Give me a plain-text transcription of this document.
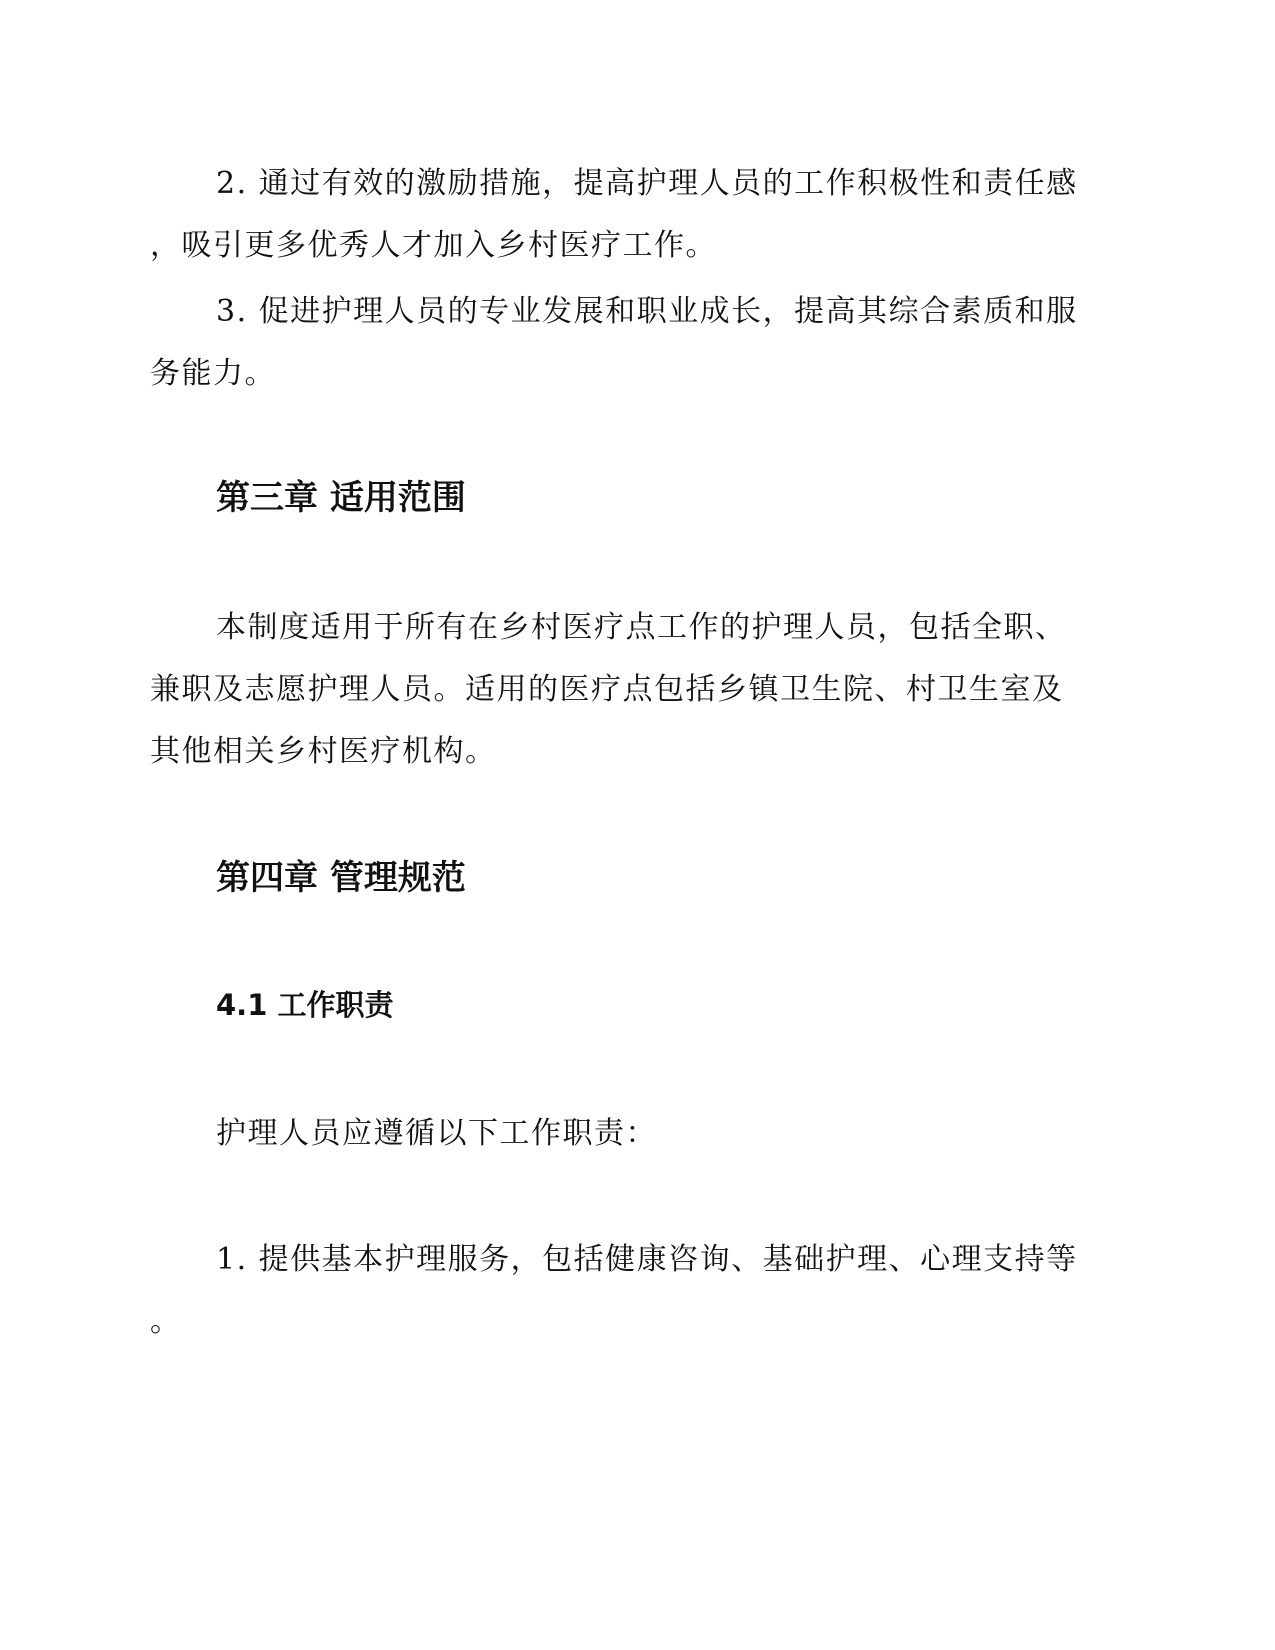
2. 通过有效的激励措施，提高护理人员的工作积极性和责任感
，吸引更多优秀人才加入乡村医疗工作。
3. 促进护理人员的专业发展和职业成长，提高其综合素质和服
务能力。
第三章 适用范围
本制度适用于所有在乡村医疗点工作的护理人员，包括全职、
兼职及志愿护理人员。适用的医疗点包括乡镇卫生院、村卫生室及
其他相关乡村医疗机构。
第四章 管理规范
4.1 工作职责
护理人员应遵循以下工作职责：
1. 提供基本护理服务，包括健康咨询、基础护理、心理支持等
。
